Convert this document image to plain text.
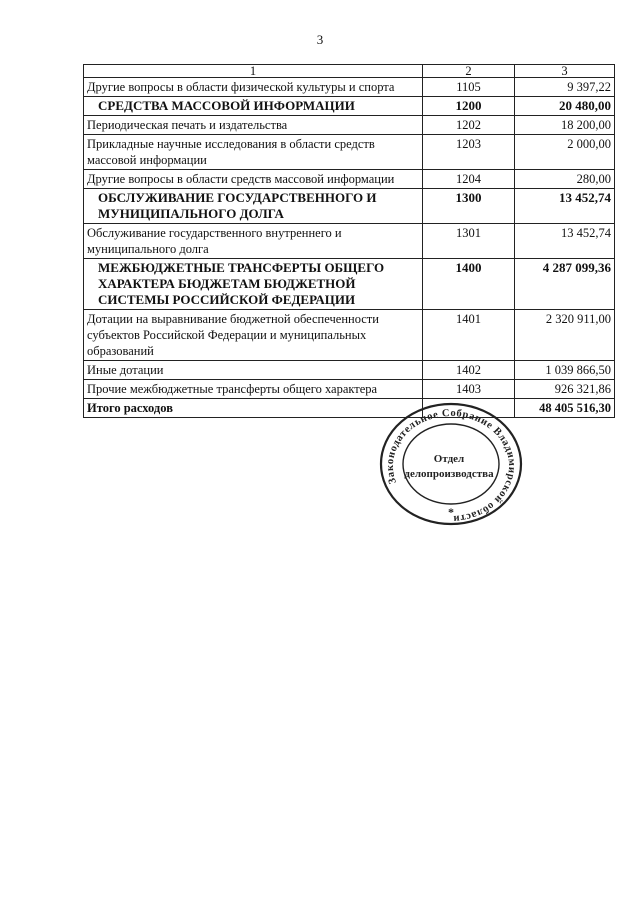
3
1	2	3
Другие вопросы в области физической культуры и спорта	1105	9 397,22
СРЕДСТВА МАССОВОЙ ИНФОРМАЦИИ	1200	20 480,00
Периодическая печать и издательства	1202	18 200,00
Прикладные научные исследования в области средств массовой информации	1203	2 000,00
Другие вопросы в области средств массовой информации	1204	280,00
ОБСЛУЖИВАНИЕ ГОСУДАРСТВЕННОГО И МУНИЦИПАЛЬНОГО ДОЛГА	1300	13 452,74
Обслуживание государственного внутреннего и муниципального долга	1301	13 452,74
МЕЖБЮДЖЕТНЫЕ ТРАНСФЕРТЫ ОБЩЕГО ХАРАКТЕРА БЮДЖЕТАМ БЮДЖЕТНОЙ СИСТЕМЫ РОССИЙСКОЙ ФЕДЕРАЦИИ	1400	4 287 099,36
Дотации на выравнивание бюджетной обеспеченности субъектов Российской Федерации и муниципальных образований	1401	2 320 911,00
Иные дотации	1402	1 039 866,50
Прочие межбюджетные трансферты общего характера	1403	926 321,86
Итого расходов		48 405 516,30
Законодательное Собрание Владимирской области
*
Отдел
делопроизводства
